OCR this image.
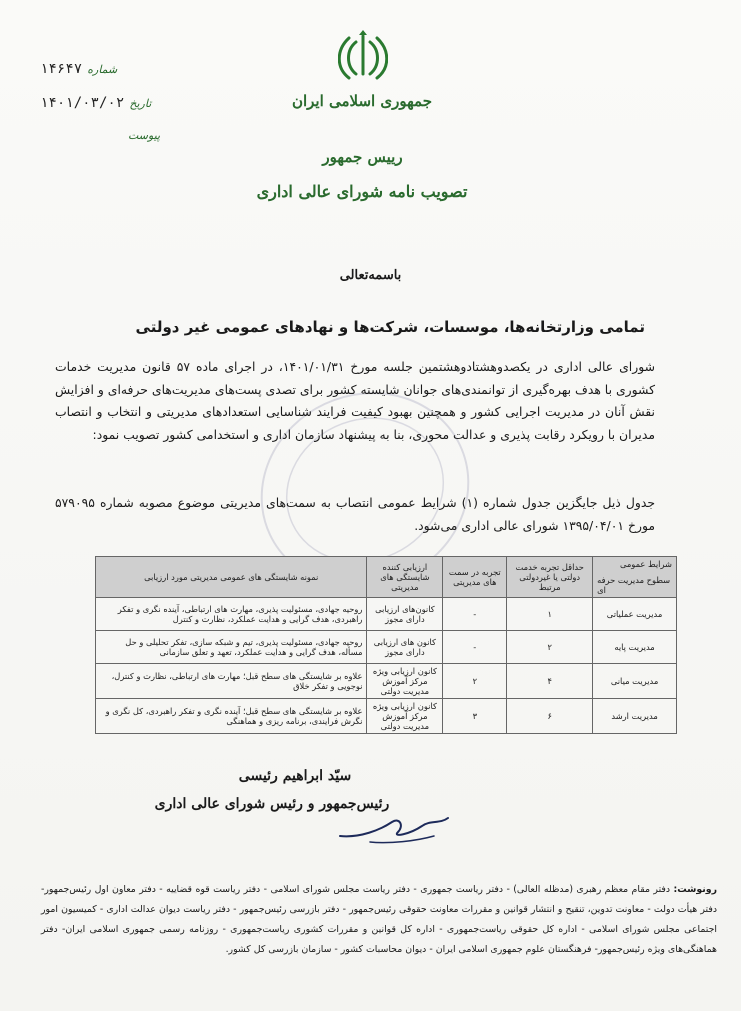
شماره ۱۴۶۴۷
تاریخ ۱۴۰۱/۰۳/۰۲
پیوست
جمهوری اسلامی ایران
رییس جمهور
تصویب نامه شورای عالی اداری
باسمه‌تعالی
تمامی وزارتخانه‌ها، موسسات، شرکت‌ها و نهادهای عمومی غیر دولتی
شورای عالی اداری در یکصدوهشتادوهشتمین جلسه مورخ ۱۴۰۱/۰۱/۳۱، در اجرای ماده ۵۷ قانون مدیریت خدمات کشوری با هدف بهره‌گیری از توانمندی‌های جوانان شایسته کشور برای تصدی پست‌های مدیریت‌های حرفه‌ای و افزایش نقش آنان در مدیریت اجرایی کشور و همچنین بهبود کیفیت فرایند شناسایی استعدادهای مدیریتی و انتخاب و انتصاب مدیران با رویکرد رقابت پذیری و عدالت محوری، بنا به پیشنهاد سازمان اداری و استخدامی کشور تصویب نمود:
جدول ذیل جایگزین جدول شماره (۱) شرایط عمومی انتصاب به سمت‌های مدیریتی موضوع مصوبه شماره ۵۷۹۰۹۵ مورخ ۱۳۹۵/۰۴/۰۱ شورای عالی اداری می‌شود.
شرایط عمومی
سطوح مدیریت حرفه ای	حداقل تجربه خدمت دولتی یا غیردولتی مرتبط	تجربه در سمت های مدیریتی	ارزیابی کننده شایستگی های مدیریتی	نمونه شایستگی های عمومی مدیریتی مورد ارزیابی
مدیریت عملیاتی	۱	-	کانون‌های ارزیابی دارای مجوز	روحیه جهادی، مسئولیت پذیری، مهارت های ارتباطی، آینده نگری و تفکر راهبردی، هدف گرایی و هدایت عملکرد، نظارت و کنترل
مدیریت پایه	۲	-	کانون های ارزیابی دارای مجوز	روحیه جهادی، مسئولیت پذیری، تیم و شبکه سازی، تفکر تحلیلی و حل مسأله، هدف گرایی و هدایت عملکرد، تعهد و تعلق سازمانی
مدیریت میانی	۴	۲	کانون ارزیابی ویژه مرکز آموزش مدیریت دولتی	علاوه بر شایستگی های سطح قبل؛ مهارت های ارتباطی، نظارت و کنترل، نوجویی و تفکر خلاق
مدیریت ارشد	۶	۳	کانون ارزیابی ویژه مرکز آموزش مدیریت دولتی	علاوه بر شایستگی های سطح قبل؛ آینده نگری و تفکر راهبردی، کل نگری و نگرش فرایندی، برنامه ریزی و هماهنگی
سیّد ابراهیم رئیسی
رئیس‌جمهور و رئیس شورای عالی اداری
رونوشت: دفتر مقام معظم رهبری (مدظله العالی) - دفتر ریاست جمهوری - دفتر ریاست مجلس شورای اسلامی - دفتر ریاست قوه قضاییه - دفتر معاون اول رئیس‌جمهور- دفتر هیأت دولت - معاونت تدوین، تنقیح و انتشار قوانین و مقررات معاونت حقوقی رئیس‌جمهور - دفتر بازرسی رئیس‌جمهور - دفتر ریاست دیوان عدالت اداری - کمیسیون امور اجتماعی مجلس شورای اسلامی - اداره کل حقوقی ریاست‌جمهوری - اداره کل قوانین و مقررات کشوری ریاست‌جمهوری - روزنامه رسمی جمهوری اسلامی ایران- دفتر هماهنگی‌های ویژه رئیس‌جمهور- فرهنگستان علوم جمهوری اسلامی ایران - دیوان محاسبات کشور - سازمان بازرسی کل کشور.
